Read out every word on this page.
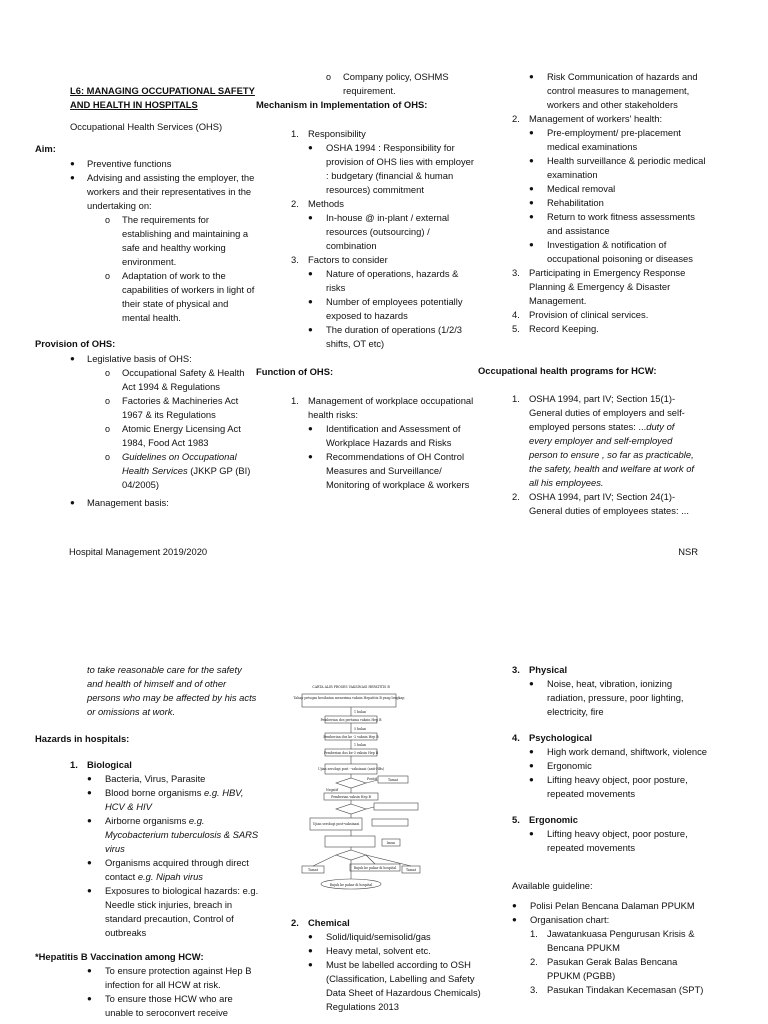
L6: MANAGING OCCUPATIONAL SAFETY
AND HEALTH IN HOSPITALS
Occupational Health Services (OHS)
Aim:
● Preventive functions
● Advising and assisting the employer, the workers and their representatives in the undertaking on:
o The requirements for establishing and maintaining a safe and healthy working environment.
o Adaptation of work to the capabilities of workers in light of their state of physical and mental health.
Provision of OHS:
● Legislative basis of OHS:
o Occupational Safety & Health Act 1994 & Regulations
o Factories & Machineries Act 1967 & its Regulations
o Atomic Energy Licensing Act 1984, Food Act 1983
o Guidelines on Occupational Health Services (JKKP GP (BI) 04/2005)
● Management basis:
o Company policy, OSHMS requirement.
Mechanism in Implementation of OHS:
1. Responsibility
● OSHA 1994 : Responsibility for provision of OHS lies with employer : budgetary (financial & human resources) commitment
2. Methods
● In-house @ in-plant / external resources (outsourcing) / combination
3. Factors to consider
● Nature of operations, hazards & risks
● Number of employees potentially exposed to hazards
● The duration of operations (1/2/3 shifts, OT etc)
Function of OHS:
1. Management of workplace occupational health risks:
● Identification and Assessment of Workplace Hazards and Risks
● Recommendations of OH Control Measures and Surveillance/ Monitoring of workplace & workers
● Risk Communication of hazards and control measures to management, workers and other stakeholders
2. Management of workers' health:
● Pre-employment/ pre-placement medical examinations
● Health surveillance & periodic medical examination
● Medical removal
● Rehabilitation
● Return to work fitness assessments and assistance
● Investigation & notification of occupational poisoning or diseases
3. Participating in Emergency Response Planning & Emergency & Disaster Management.
4. Provision of clinical services.
5. Record Keeping.
Occupational health programs for HCW:
1. OSHA 1994, part IV; Section 15(1)- General duties of employers and self-employed persons states: ...duty of every employer and self-employed person to ensure , so far as practicable, the safety, health and welfare at work of all his employees.
2. OSHA 1994, part IV; Section 24(1)- General duties of employees states: ...
Hospital Management 2019/2020	NSR
to take reasonable care for the safety and health of himself and of other persons who may be affected by his acts or omissions at work.
Hazards in hospitals:
1. Biological
● Bacteria, Virus, Parasite
● Blood borne organisms e.g. HBV, HCV & HIV
● Airborne organisms e.g. Mycobacterium tuberculosis & SARS virus
● Organisms acquired through direct contact e.g. Nipah virus
● Exposures to biological hazards: e.g. Needle stick injuries, breach in standard precaution, Control of outbreaks
*Hepatitis B Vaccination among HCW:
● To ensure protection against Hep B infection for all HCW at risk.
● To ensure those HCW who are unable to seroconvert receive
CARTA ALIR PROSES VAKSINASI HEPATITIS B
Tahap petugas kesihatan menerima vaksin Hepatitis B yang lengkap
Pemberian dos pertama vaksin Hep B
Pemberian dos ke -2 vaksin Hep B
Pemberian dos ke-3 vaksin Hep B
Ujian serologi post - vaksinasi (anti-HBs)
Pemberian vaksin Hep B
Ujian serologi post-vaksinasi
Rujuk ke pakar di hospital
Rujuk ke pakar di hospital
1 bulan
5 bulan
1 bulan
Positif
Negatif
Tamat
Imun
Tamat	Tamat
2. Chemical
● Solid/liquid/semisolid/gas
● Heavy metal, solvent etc.
● Must be labelled according to OSH (Classification, Labelling and Safety Data Sheet of Hazardous Chemicals) Regulations 2013
3. Physical
● Noise, heat, vibration, ionizing radiation, pressure, poor lighting, electricity, fire
4. Psychological
● High work demand, shiftwork, violence
● Ergonomic
● Lifting heavy object, poor posture, repeated movements
5. Ergonomic
● Lifting heavy object, poor posture, repeated movements
Available guideline:
● Polisi Pelan Bencana Dalaman PPUKM
● Organisation chart:
1. Jawatankuasa Pengurusan Krisis & Bencana PPUKM
2. Pasukan Gerak Balas Bencana PPUKM (PGBB)
3. Pasukan Tindakan Kecemasan (SPT)
